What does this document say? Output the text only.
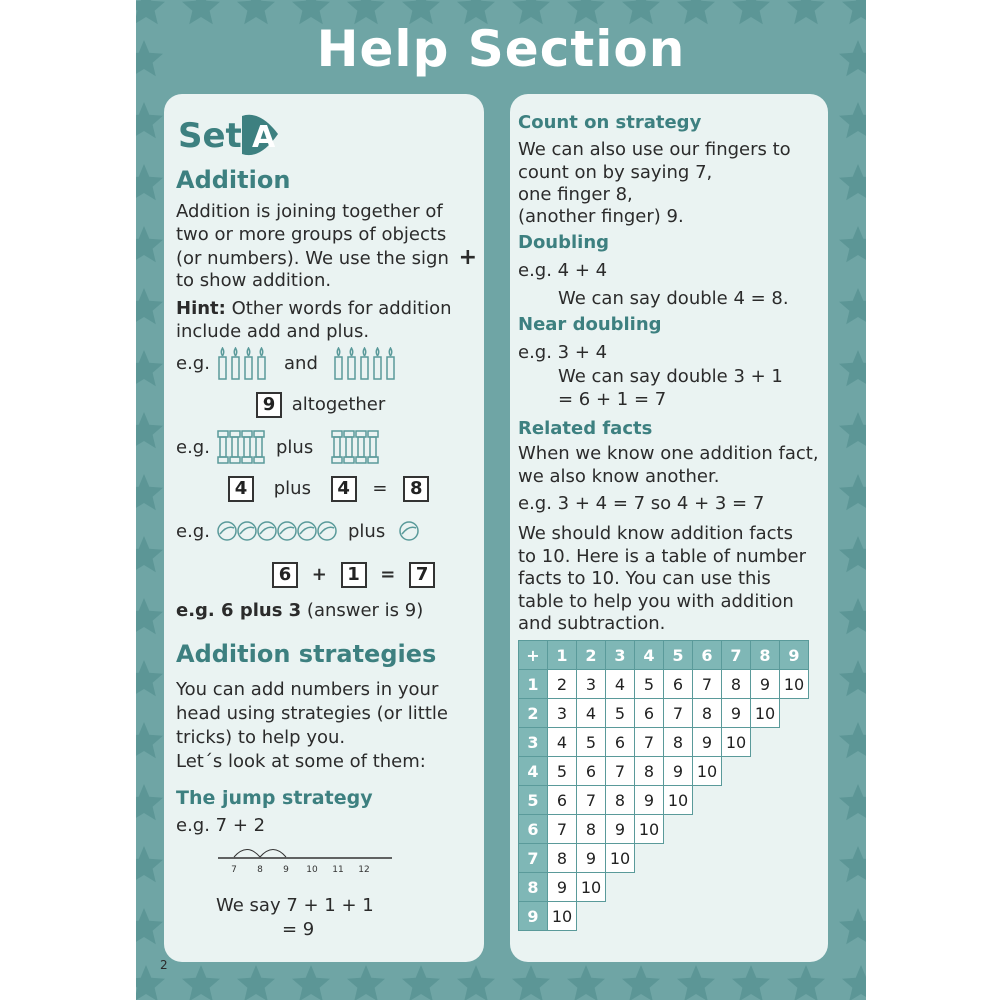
Help Section
Set A
Addition
Addition is joining together of
two or more groups of objects
(or numbers). We use the sign +
to show addition.
Hint: Other words for addition
include add and plus.
e.g.	and
9 altogether
e.g.	plus
4 plus 4 = 8
e.g.	plus
6 + 1 = 7
e.g. 6 plus 3 (answer is 9)
Addition strategies
You can add numbers in your
head using strategies (or little
tricks) to help you.
Let´s look at some of them:
The jump strategy
e.g. 7 + 2
7 8 9 10 11 12
We say 7 + 1 + 1
= 9
Count on strategy
We can also use our fingers to
count on by saying 7,
one finger 8,
(another finger) 9.
Doubling
e.g. 4 + 4
We can say double 4 = 8.
Near doubling
e.g. 3 + 4
We can say double 3 + 1
= 6 + 1 = 7
Related facts
When we know one addition fact,
we also know another.
e.g. 3 + 4 = 7 so 4 + 3 = 7
We should know addition facts
to 10. Here is a table of number
facts to 10. You can use this
table to help you with addition
and subtraction.
+	1	2	3	4	5	6	7	8	9
1	2	3	4	5	6	7	8	9	10
2	3	4	5	6	7	8	9	10	
3	4	5	6	7	8	9	10		
4	5	6	7	8	9	10			
5	6	7	8	9	10				
6	7	8	9	10					
7	8	9	10						
8	9	10							
9	10								
2
